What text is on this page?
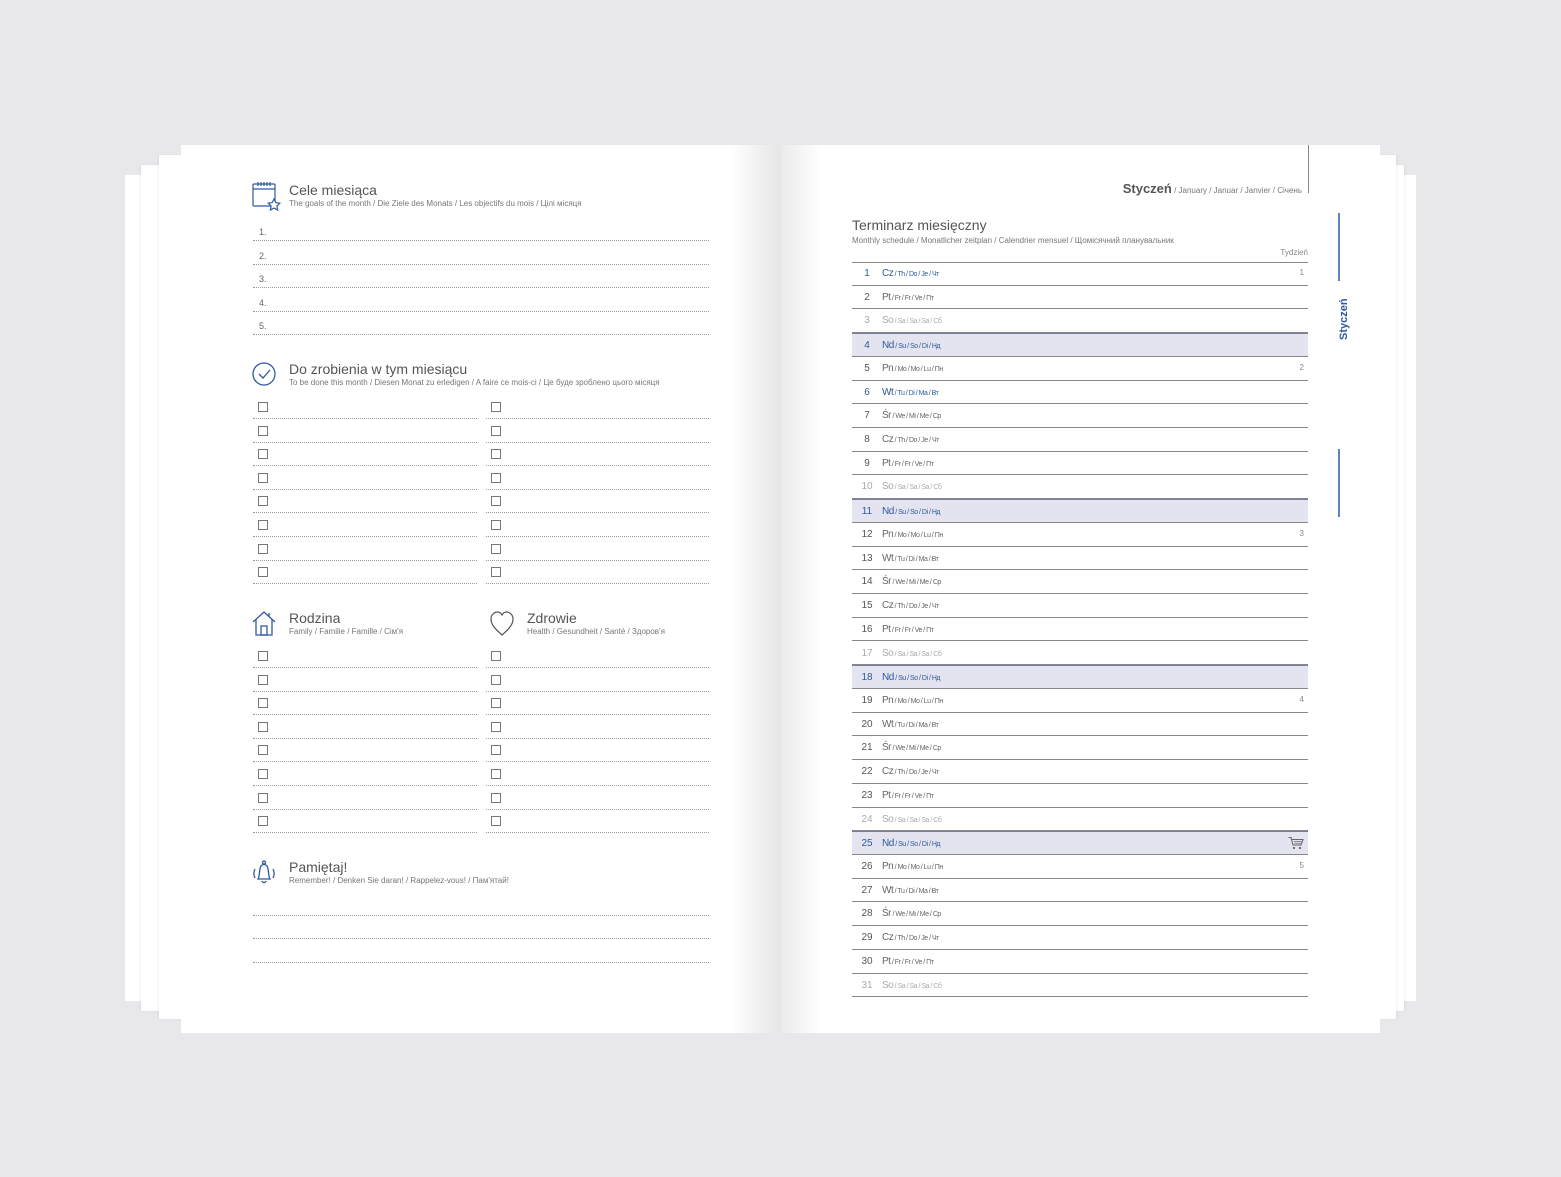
Cele miesiąca
The goals of the month / Die Ziele des Monats / Les objectifs du mois / Цілі місяця
1.
2.
3.
4.
5.
Do zrobienia w tym miesiącu
To be done this month / Diesen Monat zu erledigen / A faire ce mois-ci / Це буде зроблено цього місяця
Rodzina
Family / Familie / Famille / Сім'я
Zdrowie
Health / Gesundheit / Santé / Здоров'я
Pamiętaj!
Remember! / Denken Sie daran! / Rappelez-vous! / Пам'ятай!
Styczeń / January / Januar / Janvier / Січень
Terminarz miesięczny
Monthly schedule / Monatlicher zeitplan / Calendrier mensuel / Щомісячний планувальник
Tydzień
Styczeń
1	Cz / Th / Do / Je / Чт	1
2	Pt / Fr / Fr / Ve / Пт
3	So / Sa / Sa / Sa / Сб
4	Nd / Su / So / Di / Нд
5	Pn / Mo / Mo / Lu / Пн	2
6	Wt / Tu / Di / Ma / Вт
7	Śr / We / Mi / Me / Ср
8	Cz / Th / Do / Je / Чт
9	Pt / Fr / Fr / Ve / Пт
10 So / Sa / Sa / Sa / Сб
11 Nd / Su / So / Di / Нд
12 Pn / Mo / Mo / Lu / Пн	3
13 Wt / Tu / Di / Ma / Вт
14 Śr / We / Mi / Me / Ср
15 Cz / Th / Do / Je / Чт
16 Pt / Fr / Fr / Ve / Пт
17 So / Sa / Sa / Sa / Сб
18 Nd / Su / So / Di / Нд
19 Pn / Mo / Mo / Lu / Пн	4
20 Wt / Tu / Di / Ma / Вт
21 Śr / We / Mi / Me / Ср
22 Cz / Th / Do / Je / Чт
23 Pt / Fr / Fr / Ve / Пт
24 So / Sa / Sa / Sa / Сб
25 Nd / Su / So / Di / Нд
26 Pn / Mo / Mo / Lu / Пн	5
27 Wt / Tu / Di / Ma / Вт
28 Śr / We / Mi / Me / Ср
29 Cz / Th / Do / Je / Чт
30 Pt / Fr / Fr / Ve / Пт
31 So / Sa / Sa / Sa / Сб
